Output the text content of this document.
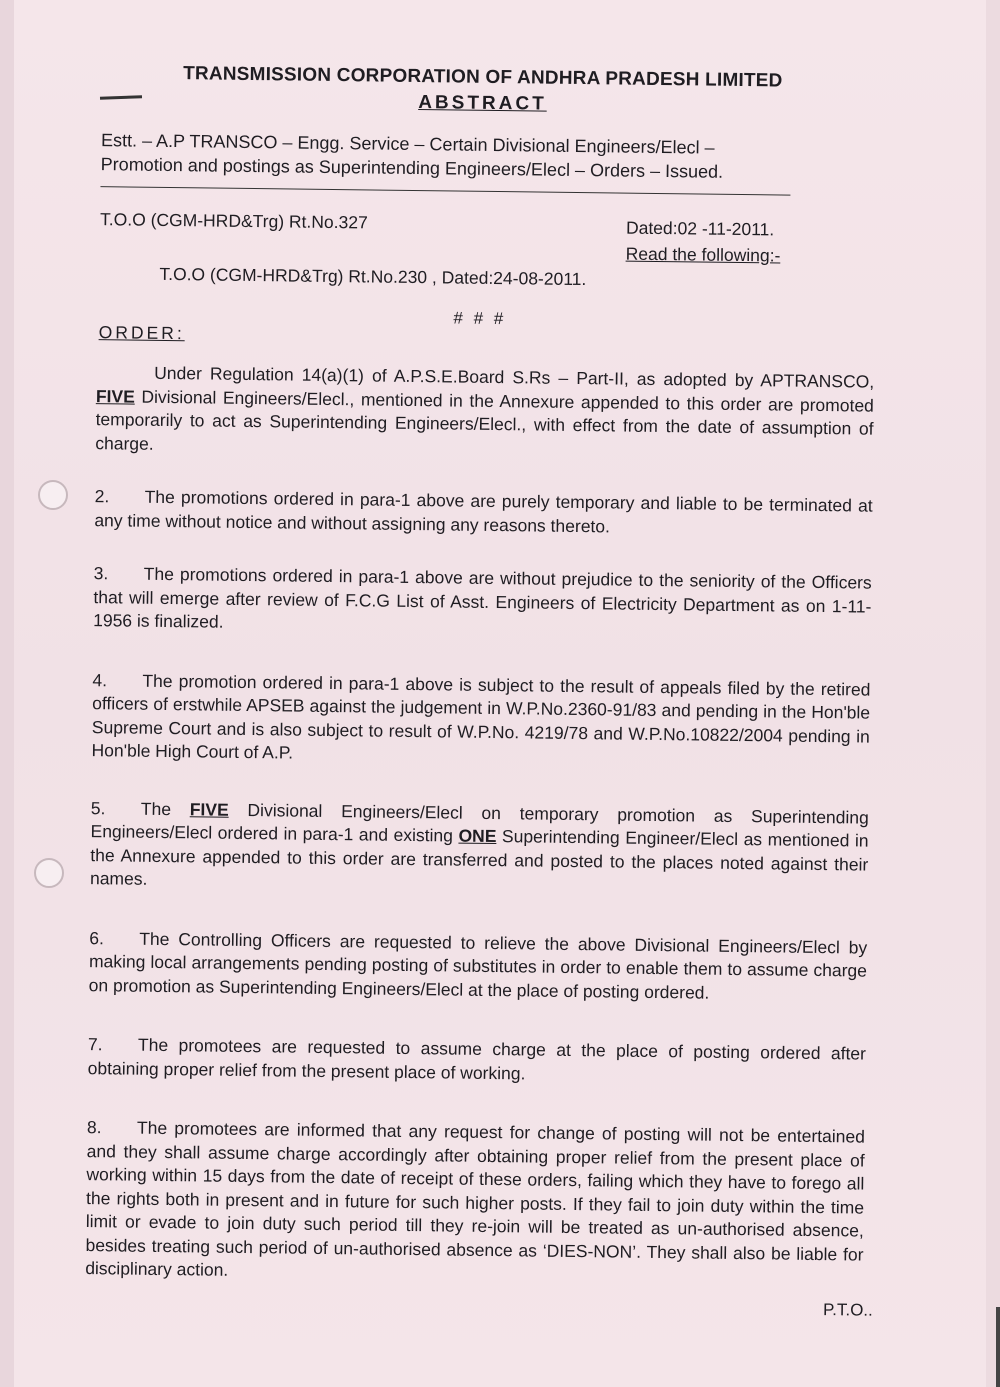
TRANSMISSION CORPORATION OF ANDHRA PRADESH LIMITED
ABSTRACT
Estt. – A.P TRANSCO – Engg. Service – Certain Divisional Engineers/Elecl – Promotion and postings as Superintending Engineers/Elecl – Orders – Issued.
T.O.O (CGM-HRD&Trg) Rt.No.327	Dated:02 -11-2011.
Read the following:-
T.O.O (CGM-HRD&Trg) Rt.No.230 , Dated:24-08-2011.
# # #
ORDER:
Under Regulation 14(a)(1) of A.P.S.E.Board S.Rs – Part-II, as adopted by APTRANSCO, FIVE Divisional Engineers/Elecl., mentioned in the Annexure appended to this order are promoted temporarily to act as Superintending Engineers/Elecl., with effect from the date of assumption of charge.
2. The promotions ordered in para-1 above are purely temporary and liable to be terminated at any time without notice and without assigning any reasons thereto.
3. The promotions ordered in para-1 above are without prejudice to the seniority of the Officers that will emerge after review of F.C.G List of Asst. Engineers of Electricity Department as on 1-11-1956 is finalized.
4. The promotion ordered in para-1 above is subject to the result of appeals filed by the retired officers of erstwhile APSEB against the judgement in W.P.No.2360-91/83 and pending in the Hon'ble Supreme Court and is also subject to result of W.P.No. 4219/78 and W.P.No.10822/2004 pending in Hon'ble High Court of A.P.
5. The FIVE Divisional Engineers/Elecl on temporary promotion as Superintending Engineers/Elecl ordered in para-1 and existing ONE Superintending Engineer/Elecl as mentioned in the Annexure appended to this order are transferred and posted to the places noted against their names.
6. The Controlling Officers are requested to relieve the above Divisional Engineers/Elecl by making local arrangements pending posting of substitutes in order to enable them to assume charge on promotion as Superintending Engineers/Elecl at the place of posting ordered.
7. The promotees are requested to assume charge at the place of posting ordered after obtaining proper relief from the present place of working.
8. The promotees are informed that any request for change of posting will not be entertained and they shall assume charge accordingly after obtaining proper relief from the present place of working within 15 days from the date of receipt of these orders, failing which they have to forego all the rights both in present and in future for such higher posts. If they fail to join duty within the time limit or evade to join duty such period till they re-join will be treated as un-authorised absence, besides treating such period of un-authorised absence as ‘DIES-NON’. They shall also be liable for disciplinary action.
P.T.O..
